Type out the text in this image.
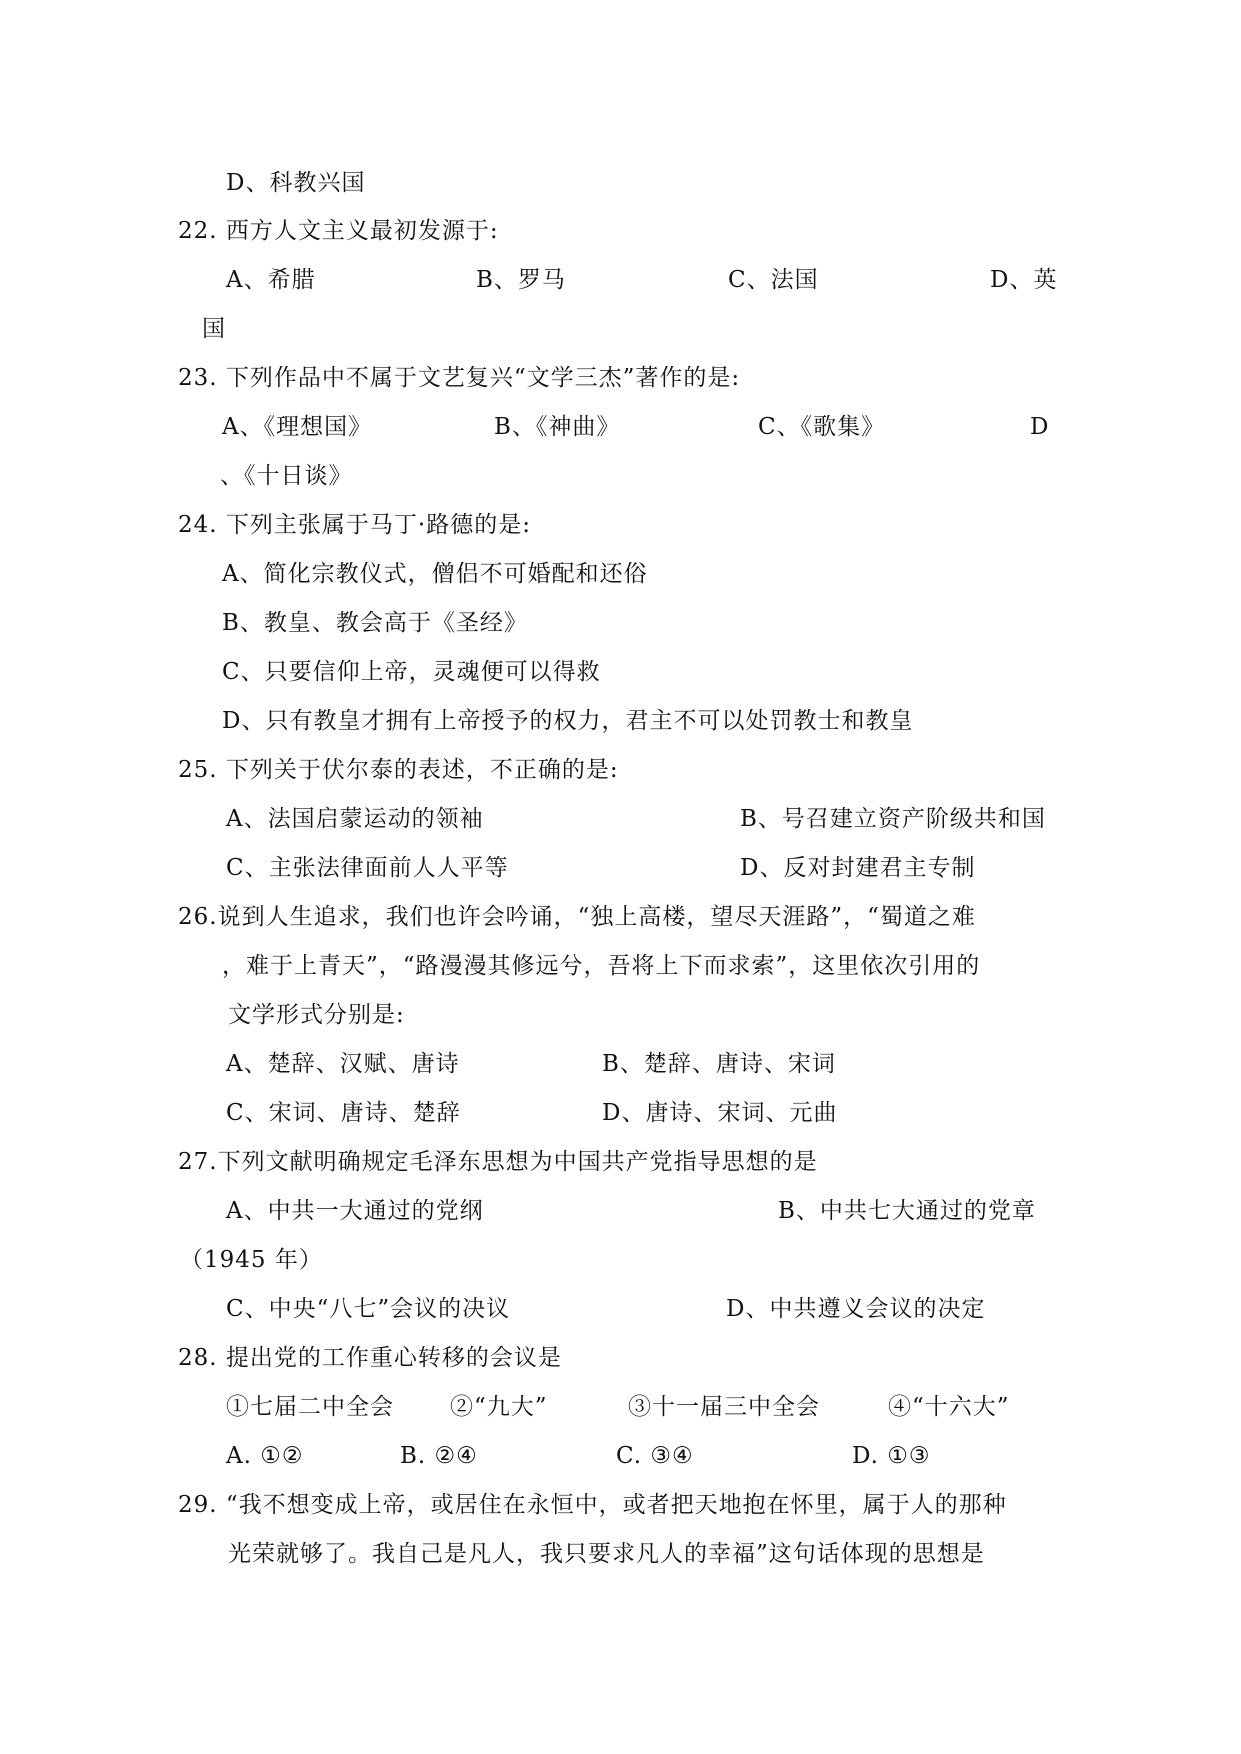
D、科教兴国
22. 西方人文主义最初发源于:
A、希腊	B、罗马	C、法国	D、英
国
23. 下列作品中不属于文艺复兴“文学三杰”著作的是:
A、《理想国》	B、《神曲》	C、《歌集》	D
、《十日谈》
24. 下列主张属于马丁·路德的是:
A、简化宗教仪式，僧侣不可婚配和还俗
B、教皇、教会高于《圣经》
C、只要信仰上帝，灵魂便可以得救
D、只有教皇才拥有上帝授予的权力，君主不可以处罚教士和教皇
25. 下列关于伏尔泰的表述，不正确的是:
A、法国启蒙运动的领袖	B、号召建立资产阶级共和国
C、主张法律面前人人平等	D、反对封建君主专制
26.说到人生追求，我们也许会吟诵，“独上高楼，望尽天涯路”，“蜀道之难
，难于上青天”，“路漫漫其修远兮，吾将上下而求索”，这里依次引用的
文学形式分别是:
A、楚辞、汉赋、唐诗	B、楚辞、唐诗、宋词
C、宋词、唐诗、楚辞	D、唐诗、宋词、元曲
27.下列文献明确规定毛泽东思想为中国共产党指导思想的是
A、中共一大通过的党纲	B、中共七大通过的党章
（1945 年）
C、中央“八七”会议的决议	D、中共遵义会议的决定
28. 提出党的工作重心转移的会议是
①七届二中全会 ②“九大”	③十一届三中全会	④“十六大”
A. ①②	B. ②④	C. ③④	D. ①③
29. “我不想变成上帝，或居住在永恒中，或者把天地抱在怀里，属于人的那种
光荣就够了。我自己是凡人，我只要求凡人的幸福”这句话体现的思想是
